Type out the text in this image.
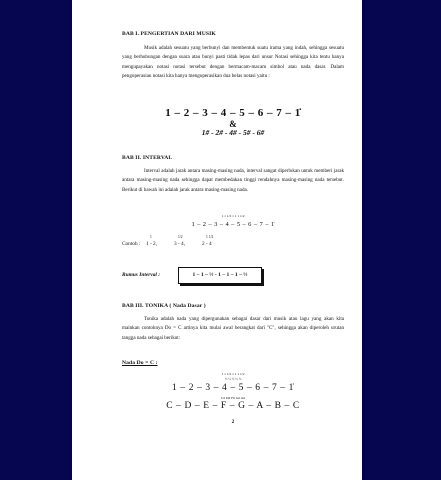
BAB I. PENGERTIAN DARI MUSIK
Musik adalah sesuatu yang berbunyi dan membentuk suatu irama yang indah, sehingga sesuatu yang berhubungan dengan suara atau bunyi pasti tidak lepas dari unsur Notasi sehingga kita tentu hanya mengupayakan notasi notasi tersebut dengan bermacam-macam simbol atau nada dasar. Dalam pengoperasian notasi kita hanya mengoperasikan dua belas notasi yaitu :
1 – 2 – 3 – 4 – 5 – 6 – 7 – 1̇
&
1# - 2# - 4# - 5# - 6#
BAB II. INTERVAL
Interval adalah jarak antara masing-masing nada, interval sangat diperlukan untuk memberi jarak antara masing-masing nada sehingga dapat membedakan tinggi rendahnya masing-masing nada tersebut. Berikut di bawah ini adalah jarak antara masing-masing nada.
1 1 1/2 1 1 1 1/2
1 – 2 – 3 – 4 – 5 – 6 – 7 – 1̇
Contoh :
1
1 - 2,
1/2
3 - 4,
1 1/2
2 - 4
Rumus Interval :	1 – 1 – ½ - 1 – 1 – 1 – ½
BAB III. TONIKA ( Nada Dasar )
Tonika adalah nada yang dipergunakan sebagai dasar dari musik atau lagu yang akan kita mainkan contohnya Do = C artinya kita mulai awal berangkat dari "C", sehingga akan diperoleh urutan tangga nada sebagai berikut:
Nada Do = C :
1 1 1/2 1 1 1 1/2
½ ½ ½ ½ ½
1 – 2 – 3 – 4 – 5 – 6 – 7 – 1̇
C# D# F# G# A#
C – D – E – F – G – A – B – C
2
